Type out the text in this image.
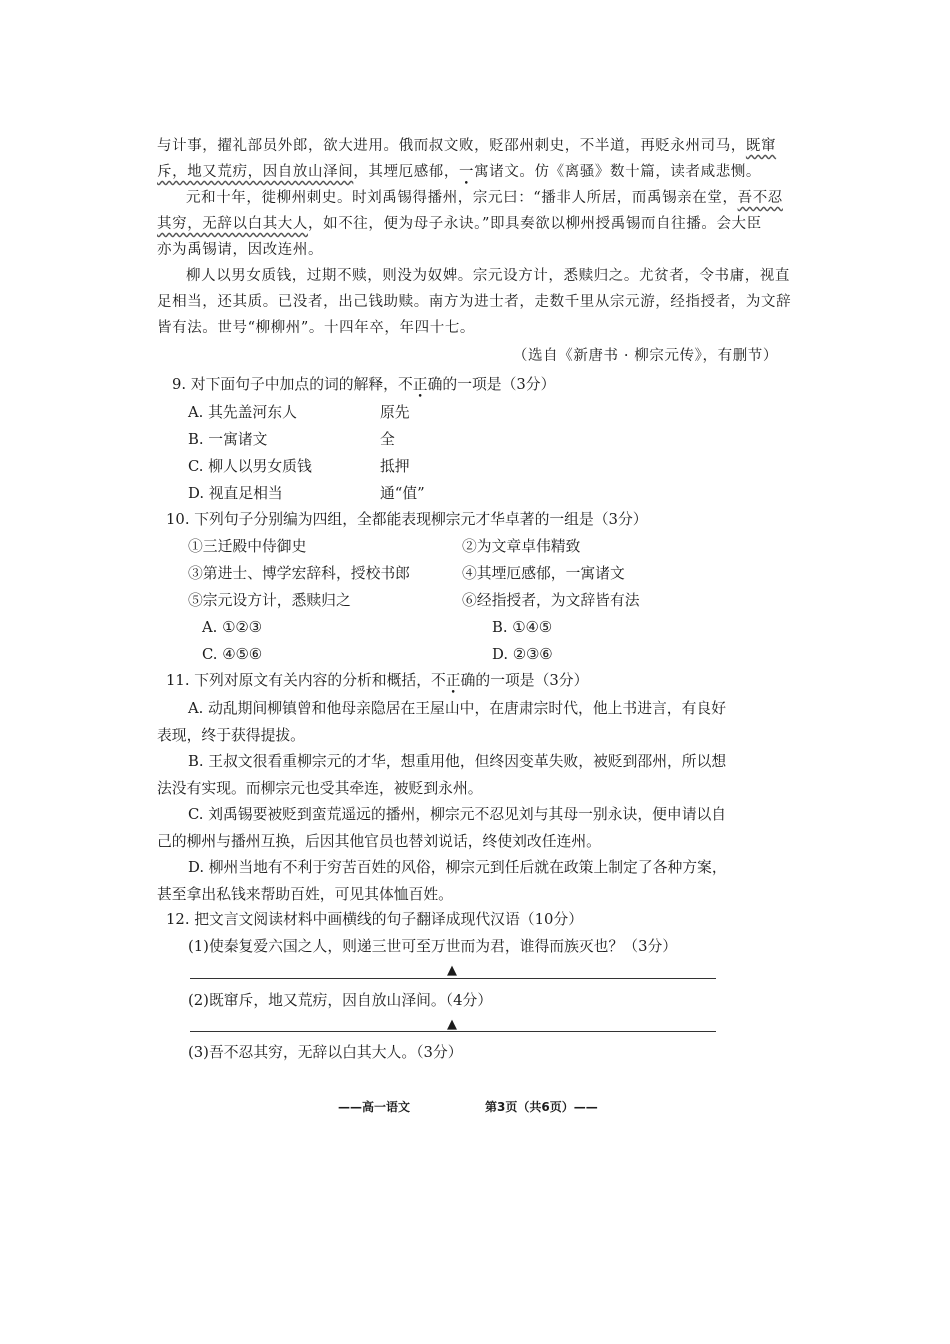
与计事，擢礼部员外郎，欲大进用。俄而叔文败，贬邵州刺史，不半道，再贬永州司马，既窜
斥，地又荒疠，因自放山泽间，其堙厄感郁，一寓诸文。仿《离骚》数十篇，读者咸悲恻。
元和十年，徙柳州刺史。时刘禹锡得播州，宗元曰：“播非人所居，而禹锡亲在堂，吾不忍
其穷，无辞以白其大人，如不往，便为母子永诀。”即具奏欲以柳州授禹锡而自往播。会大臣
亦为禹锡请，因改连州。
柳人以男女质钱，过期不赎，则没为奴婢。宗元设方计，悉赎归之。尤贫者，令书庸，视直
足相当，还其质。已没者，出己钱助赎。南方为进士者，走数千里从宗元游，经指授者，为文辞
皆有法。世号“柳柳州”。十四年卒，年四十七。
（选自《新唐书 · 柳宗元传》，有删节）
9. 对下面句子中加点的词的解释，不正确的一项是（3分）
A. 其先盖河东人	原先
B. 一寓诸文	全
C. 柳人以男女质钱	抵押
D. 视直足相当	通“值”
10. 下列句子分别编为四组，全都能表现柳宗元才华卓著的一组是（3分）
①三迁殿中侍御史	②为文章卓伟精致
③第进士、博学宏辞科，授校书郎	④其堙厄感郁，一寓诸文
⑤宗元设方计，悉赎归之	⑥经指授者，为文辞皆有法
A. ①②③	B. ①④⑤
C. ④⑤⑥	D. ②③⑥
11. 下列对原文有关内容的分析和概括，不正确的一项是（3分）
A. 动乱期间柳镇曾和他母亲隐居在王屋山中，在唐肃宗时代，他上书进言，有良好
表现，终于获得提拔。
B. 王叔文很看重柳宗元的才华，想重用他，但终因变革失败，被贬到邵州，所以想
法没有实现。而柳宗元也受其牵连，被贬到永州。
C. 刘禹锡要被贬到蛮荒遥远的播州，柳宗元不忍见刘与其母一别永诀，便申请以自
己的柳州与播州互换，后因其他官员也替刘说话，终使刘改任连州。
D. 柳州当地有不利于穷苦百姓的风俗，柳宗元到任后就在政策上制定了各种方案，
甚至拿出私钱来帮助百姓，可见其体恤百姓。
12. 把文言文阅读材料中画横线的句子翻译成现代汉语（10分）
(1)使秦复爱六国之人，则递三世可至万世而为君，谁得而族灭也？（3分）
▲
(2)既窜斥，地又荒疠，因自放山泽间。（4分）
▲
(3)吾不忍其穷，无辞以白其大人。（3分）
——高一语文	第3页（共6页）——
